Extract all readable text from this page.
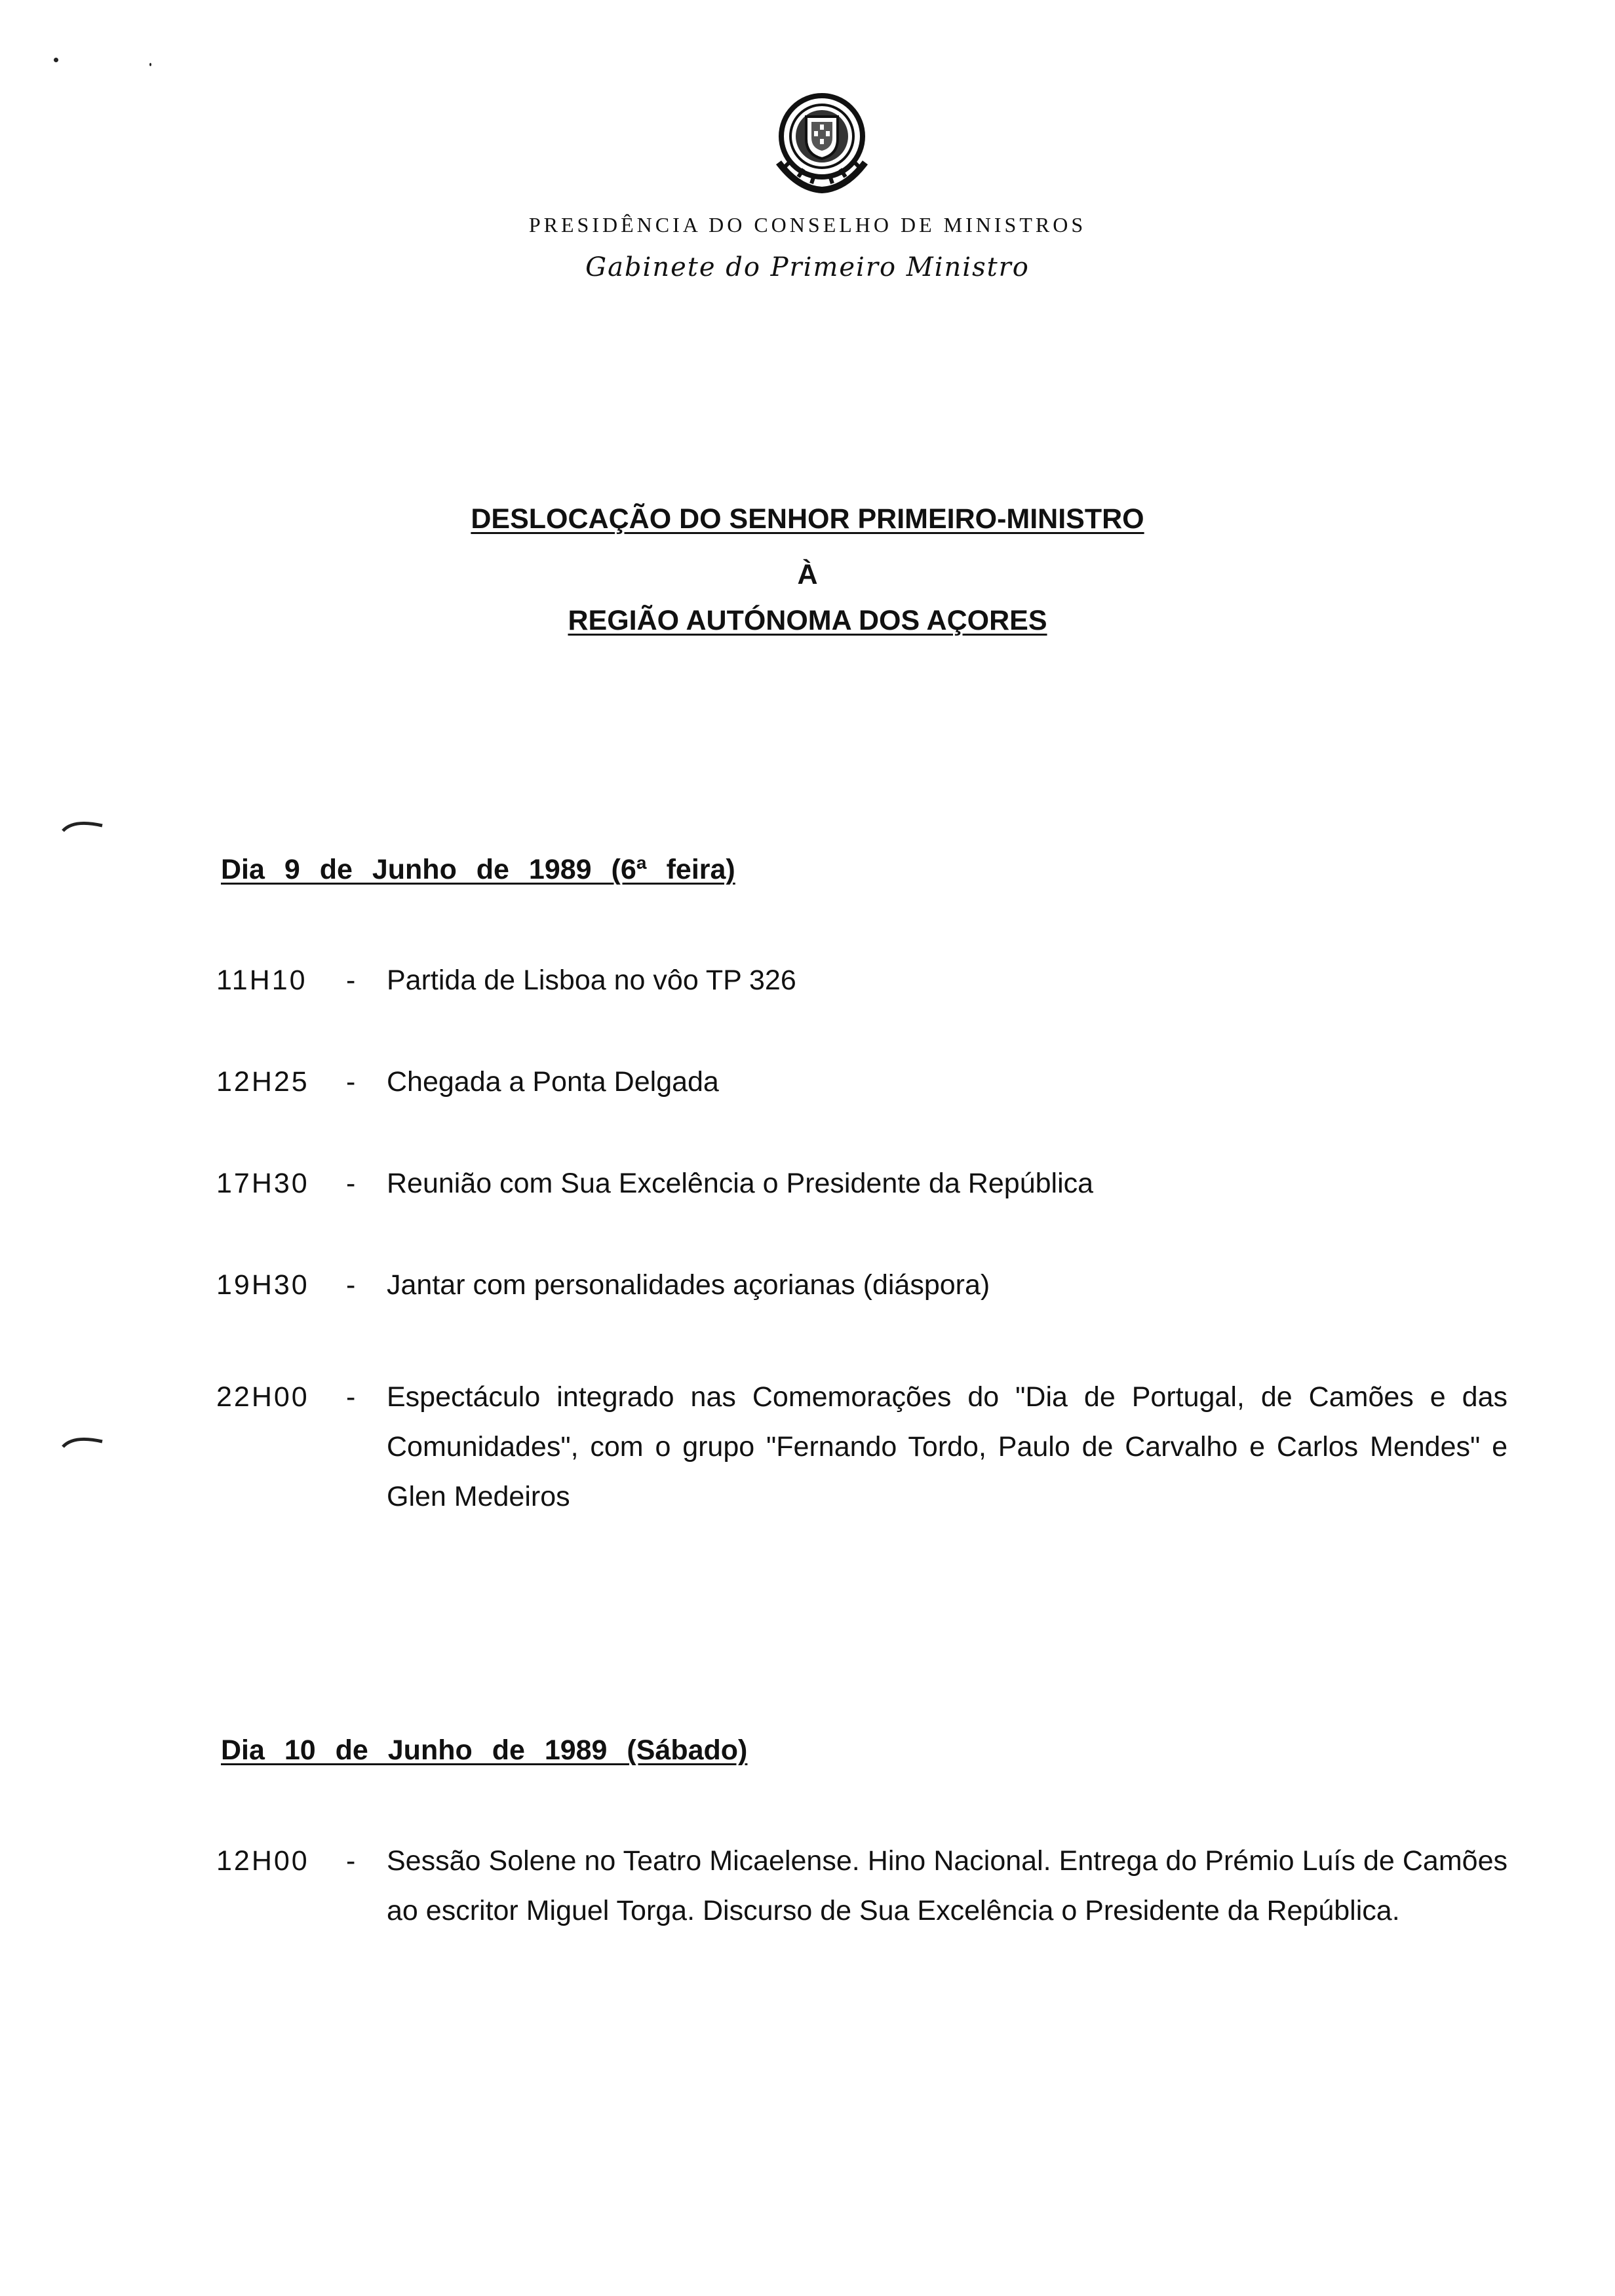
PRESIDÊNCIA DO CONSELHO DE MINISTROS
Gabinete do Primeiro Ministro
DESLOCAÇÃO DO SENHOR PRIMEIRO-MINISTRO
À
REGIÃO AUTÓNOMA DOS AÇORES
Dia 9 de Junho de 1989 (6ª feira)
11H10 - Partida de Lisboa no vôo TP 326
12H25 - Chegada a Ponta Delgada
17H30 - Reunião com Sua Excelência o Presidente da República
19H30 - Jantar com personalidades açorianas (diáspora)
22H00 - Espectáculo integrado nas Comemorações do "Dia de Portugal, de Camões e das Comunidades", com o grupo "Fernando Tordo, Paulo de Carvalho e Carlos Mendes" e Glen Medeiros
Dia 10 de Junho de 1989 (Sábado)
12H00 - Sessão Solene no Teatro Micaelense. Hino Nacional. Entrega do Prémio Luís de Camões ao escritor Miguel Torga. Discurso de Sua Excelência o Presidente da República.
